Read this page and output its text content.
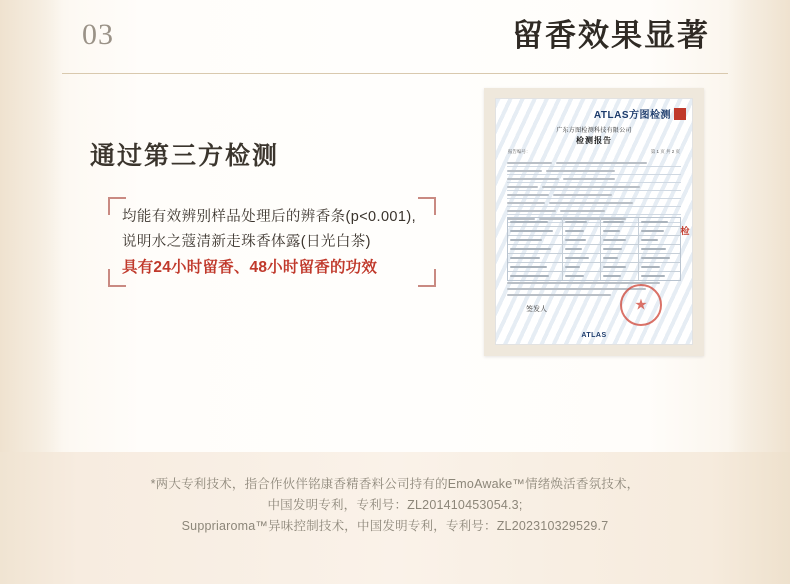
03	留香效果显著
通过第三方检测
均能有效辨别样品处理后的辨香条(p<0.001),
说明水之蔻清新走珠香体露(日光白茶)
具有24小时留香、48小时留香的功效
ATLAS方图检测
广东方图检测科技有限公司
检测报告
报告编号：	第 1 页 共 2 页
检
签发人	★
ATLAS
*两大专利技术，指合作伙伴铭康香精香料公司持有的EmoAwake™情绪焕活香氛技术，
中国发明专利，专利号：ZL201410453054.3;
Suppriaroma™异味控制技术，中国发明专利，专利号：ZL202310329529.7
